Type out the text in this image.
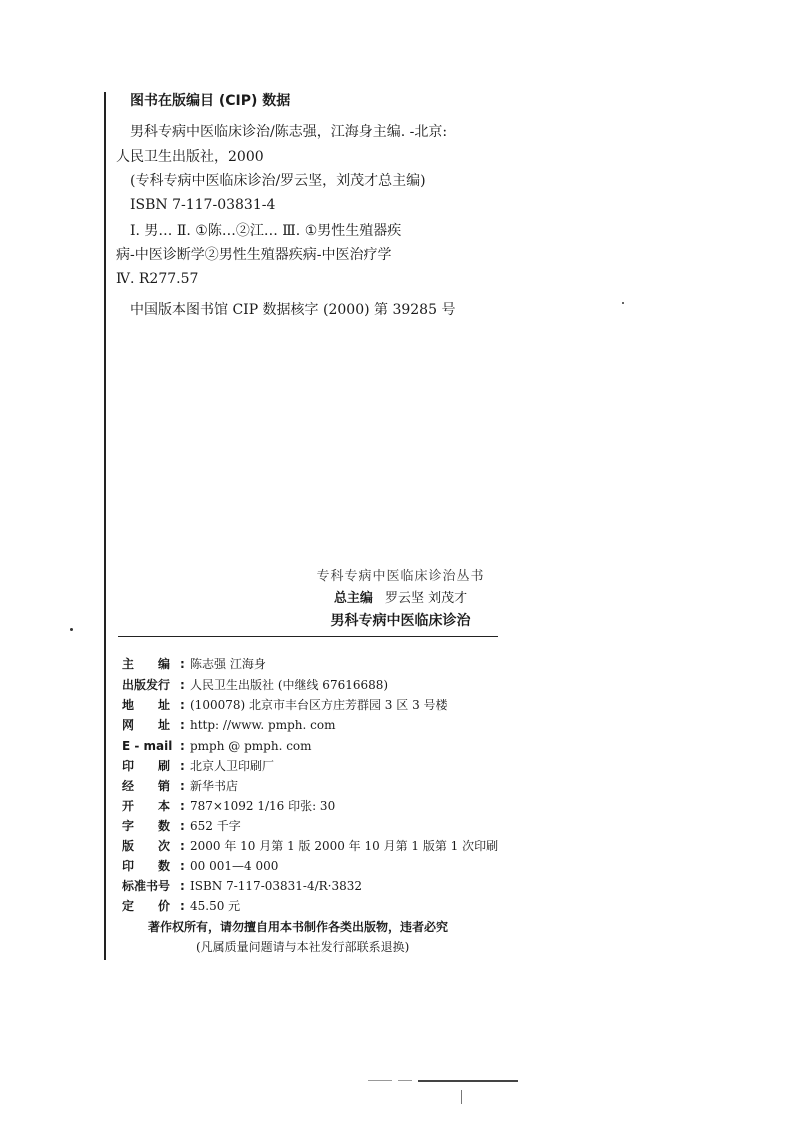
图书在版编目 (CIP) 数据
男科专病中医临床诊治/陈志强，江海身主编. -北京:
人民卫生出版社，2000
(专科专病中医临床诊治/罗云坚，刘茂才总主编)
ISBN 7-117-03831-4
Ⅰ. 男… Ⅱ. ①陈…②江… Ⅲ. ①男性生殖器疾
病-中医诊断学②男性生殖器疾病-中医治疗学
Ⅳ. R277.57
中国版本图书馆 CIP 数据核字 (2000) 第 39285 号
专科专病中医临床诊治丛书
总主编 罗云坚 刘茂才
男科专病中医临床诊治
主　　编 : 陈志强 江海身
出版发行 : 人民卫生出版社 (中继线 67616688)
地　　址 : (100078) 北京市丰台区方庄芳群园 3 区 3 号楼
网　　址 : http: //www. pmph. com
E - mail : pmph @ pmph. com
印　　刷 : 北京人卫印刷厂
经　　销 : 新华书店
开　　本 : 787×1092 1/16 印张: 30
字　　数 : 652 千字
版　　次 : 2000 年 10 月第 1 版 2000 年 10 月第 1 版第 1 次印刷
印　　数 : 00 001—4 000
标准书号 : ISBN 7-117-03831-4/R·3832
定　　价 : 45.50 元
著作权所有，请勿擅自用本书制作各类出版物，违者必究
(凡属质量问题请与本社发行部联系退换)
